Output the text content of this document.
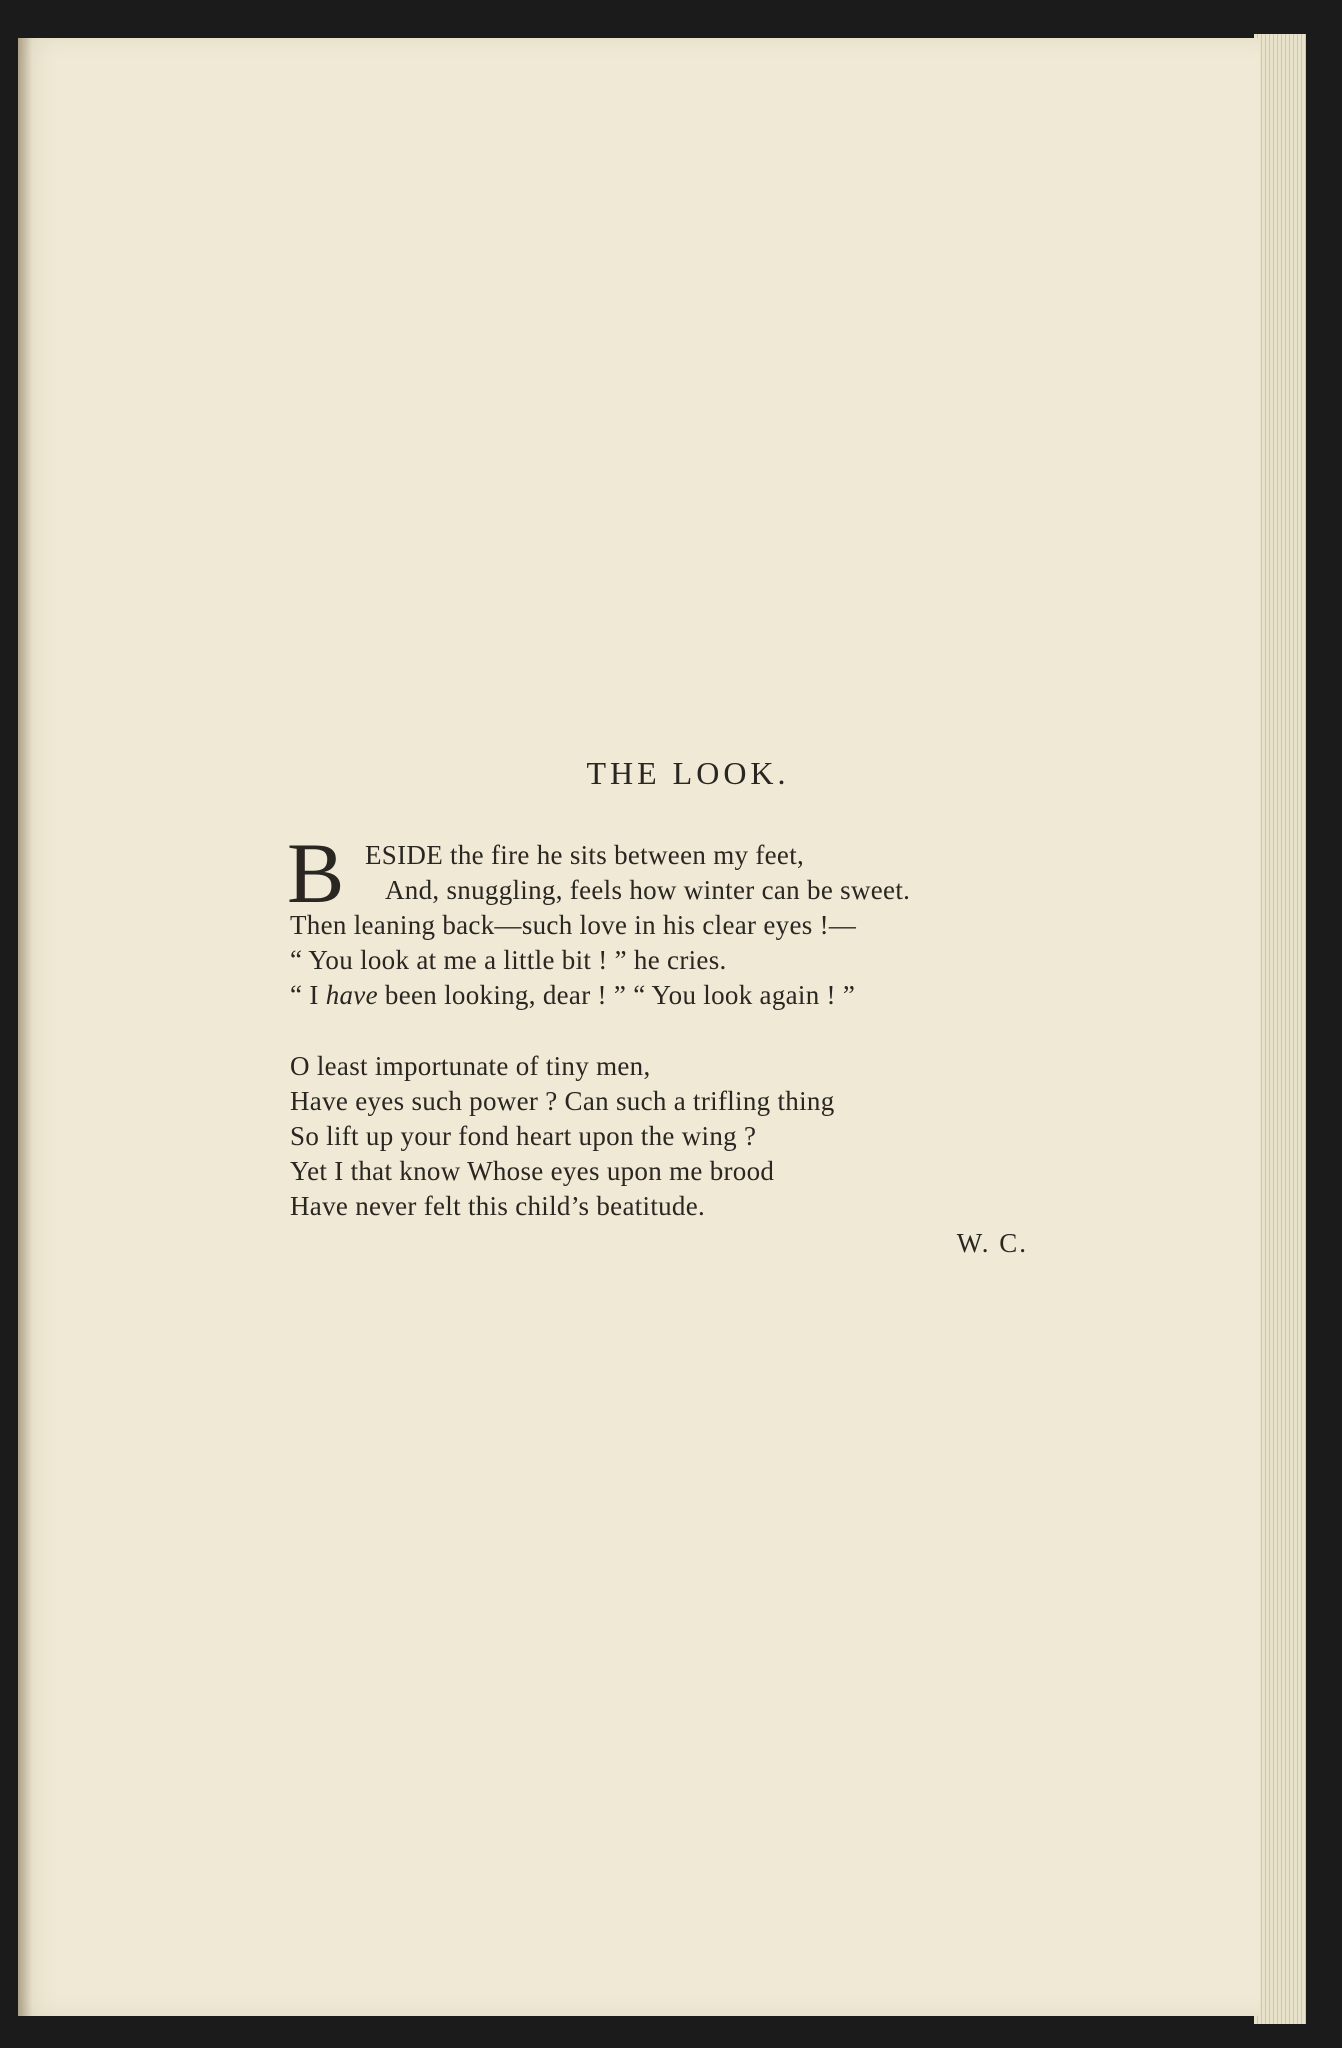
THE LOOK.
B ESIDE the fire he sits between my feet,
And, snuggling, feels how winter can be sweet.
Then leaning back—such love in his clear eyes !—
“ You look at me a little bit ! ” he cries.
“ I have been looking, dear ! ” “ You look again ! ”
O least importunate of tiny men,
Have eyes such power ? Can such a trifling thing
So lift up your fond heart upon the wing ?
Yet I that know Whose eyes upon me brood
Have never felt this child’s beatitude.
W. C.
